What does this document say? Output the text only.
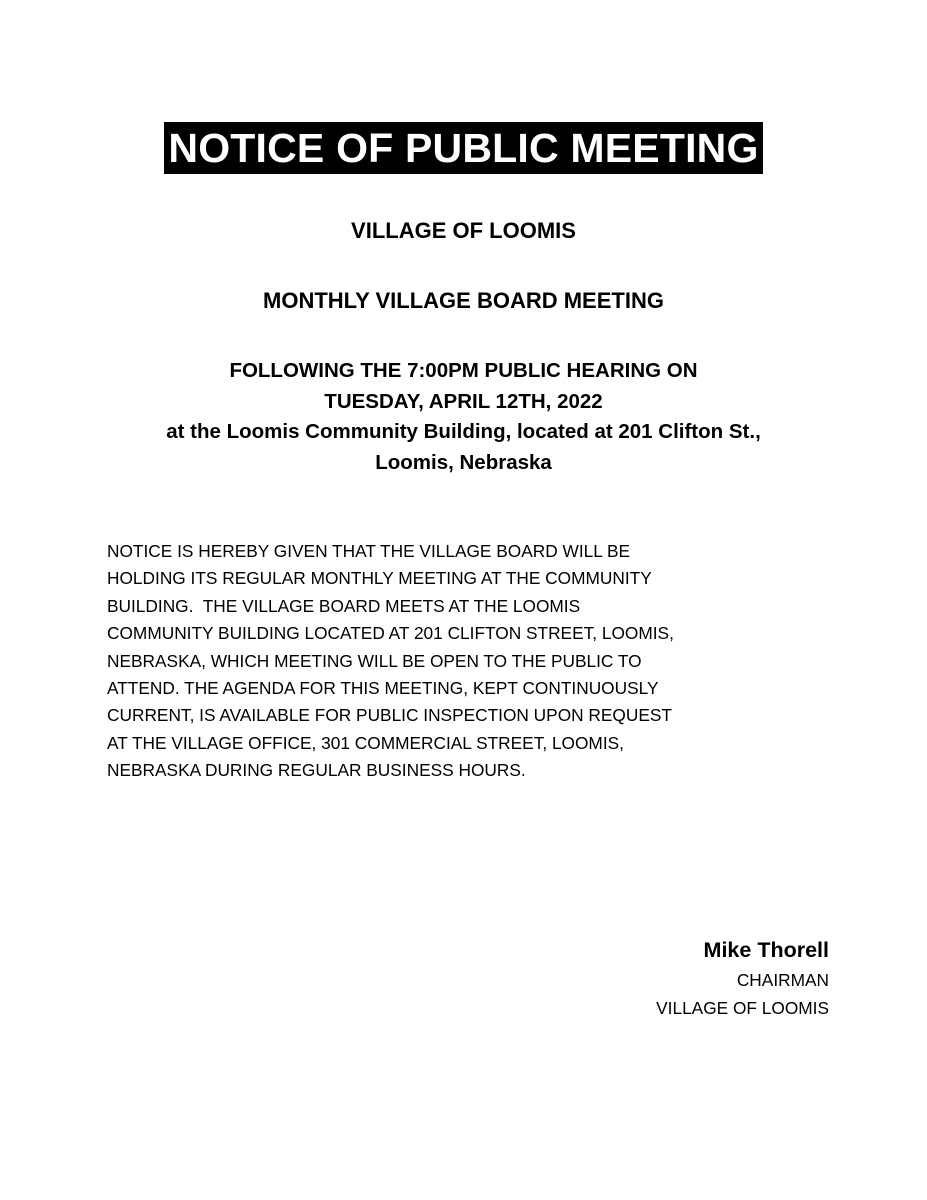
NOTICE OF PUBLIC MEETING
VILLAGE OF LOOMIS
MONTHLY VILLAGE BOARD MEETING
FOLLOWING THE 7:00PM PUBLIC HEARING ON
TUESDAY, APRIL 12TH, 2022
at the Loomis Community Building, located at 201 Clifton St.,
Loomis, Nebraska
NOTICE IS HEREBY GIVEN THAT THE VILLAGE BOARD WILL BE
HOLDING ITS REGULAR MONTHLY MEETING AT THE COMMUNITY
BUILDING.  THE VILLAGE BOARD MEETS AT THE LOOMIS
COMMUNITY BUILDING LOCATED AT 201 CLIFTON STREET, LOOMIS,
NEBRASKA, WHICH MEETING WILL BE OPEN TO THE PUBLIC TO
ATTEND. THE AGENDA FOR THIS MEETING, KEPT CONTINUOUSLY
CURRENT, IS AVAILABLE FOR PUBLIC INSPECTION UPON REQUEST
AT THE VILLAGE OFFICE, 301 COMMERCIAL STREET, LOOMIS,
NEBRASKA DURING REGULAR BUSINESS HOURS.
Mike Thorell
CHAIRMAN
VILLAGE OF LOOMIS
